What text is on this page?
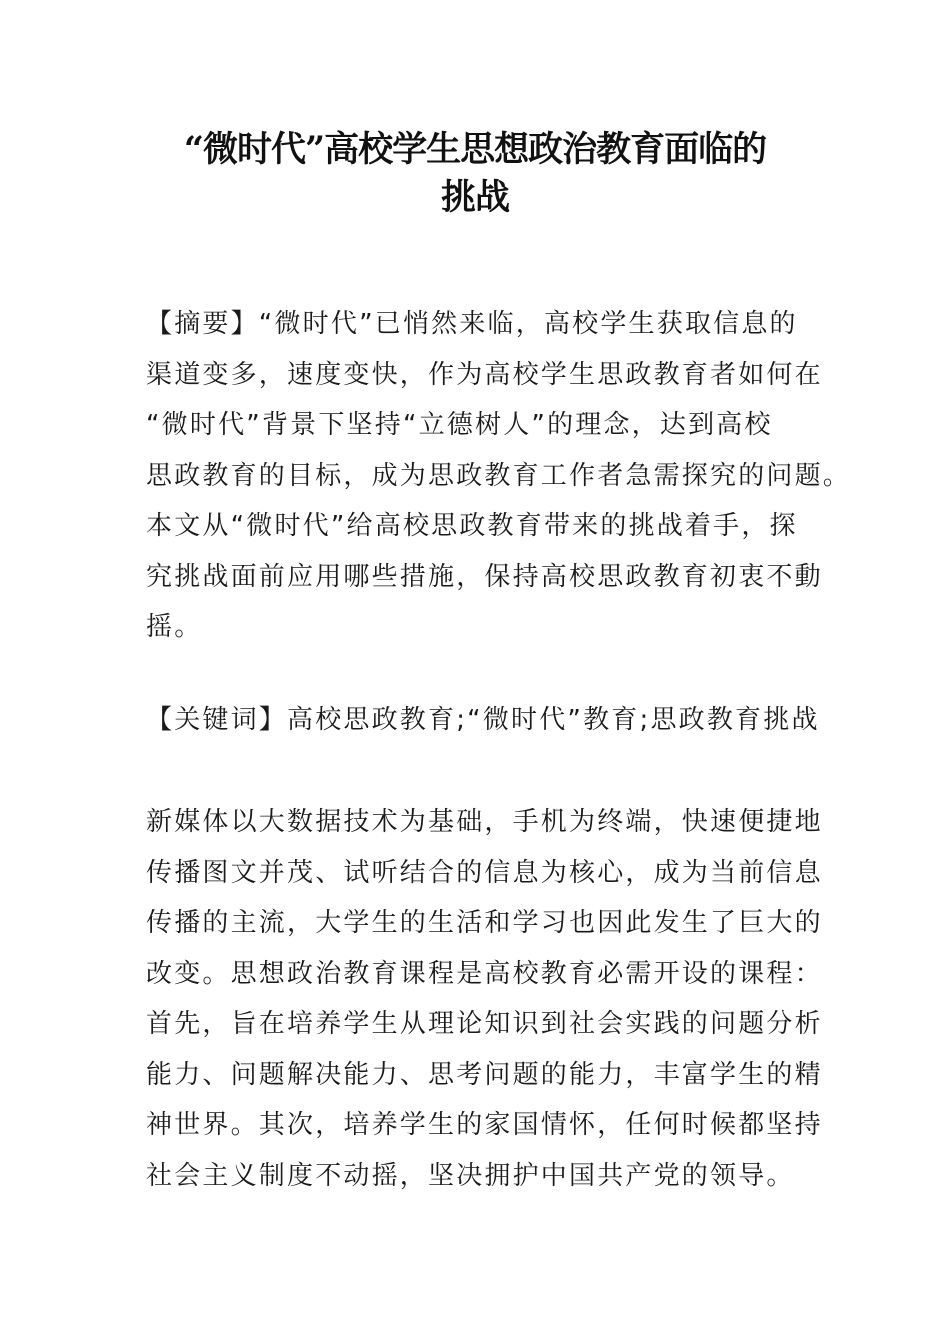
“微时代”高校学生思想政治教育面临的
挑战
【摘要】“微时代”已悄然来临，高校学生获取信息的
渠道变多，速度变快，作为高校学生思政教育者如何在
“微时代”背景下坚持“立德树人”的理念，达到高校
思政教育的目标，成为思政教育工作者急需探究的问题。
本文从“微时代”给高校思政教育带来的挑战着手，探
究挑战面前应用哪些措施，保持高校思政教育初衷不動
摇。
【关键词】高校思政教育;“微时代”教育;思政教育挑战
新媒体以大数据技术为基础，手机为终端，快速便捷地
传播图文并茂、试听结合的信息为核心，成为当前信息
传播的主流，大学生的生活和学习也因此发生了巨大的
改变。思想政治教育课程是高校教育必需开设的课程：
首先，旨在培养学生从理论知识到社会实践的问题分析
能力、问题解决能力、思考问题的能力，丰富学生的精
神世界。其次，培养学生的家国情怀，任何时候都坚持
社会主义制度不动摇，坚决拥护中国共产党的领导。
